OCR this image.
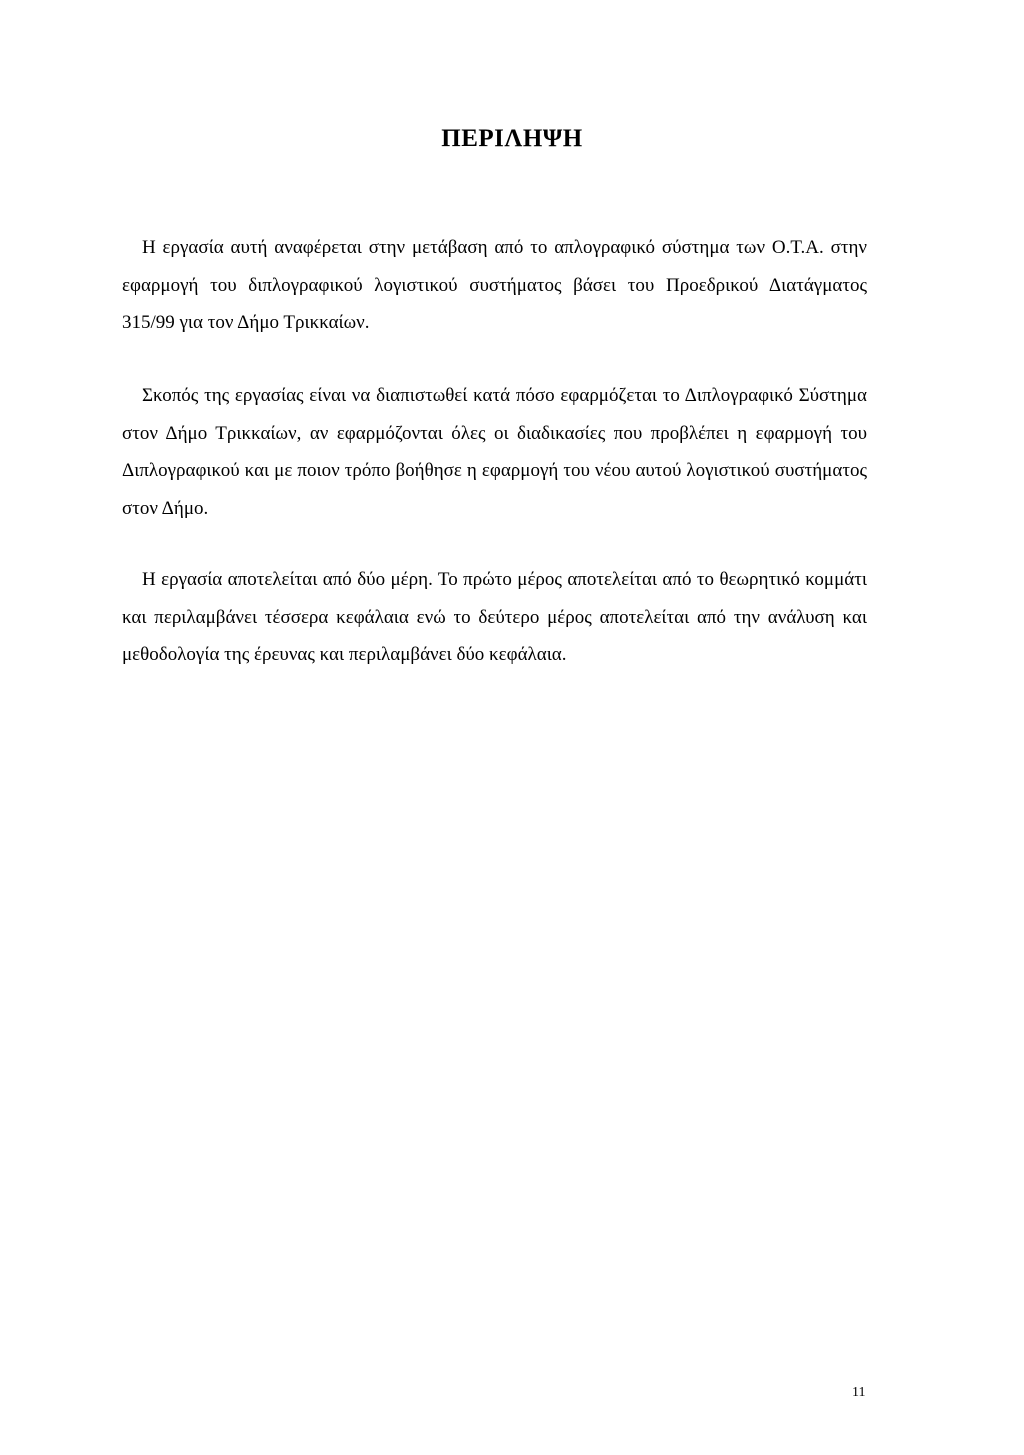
ΠΕΡΙΛΗΨΗ
Η εργασία αυτή αναφέρεται στην μετάβαση από το απλογραφικό σύστημα των Ο.Τ.Α. στην εφαρμογή του διπλογραφικού λογιστικού συστήματος βάσει του Προεδρικού Διατάγματος 315/99 για τον Δήμο Τρικκαίων.
Σκοπός της εργασίας είναι να διαπιστωθεί κατά πόσο εφαρμόζεται το Διπλογραφικό Σύστημα στον Δήμο Τρικκαίων, αν εφαρμόζονται όλες οι διαδικασίες που προβλέπει η εφαρμογή του Διπλογραφικού και με ποιον τρόπο βοήθησε η εφαρμογή του νέου αυτού λογιστικού συστήματος στον Δήμο.
Η εργασία αποτελείται από δύο μέρη. Το πρώτο μέρος αποτελείται από το θεωρητικό κομμάτι και περιλαμβάνει τέσσερα κεφάλαια ενώ το δεύτερο μέρος αποτελείται από την ανάλυση και μεθοδολογία της έρευνας και περιλαμβάνει δύο κεφάλαια.
11
